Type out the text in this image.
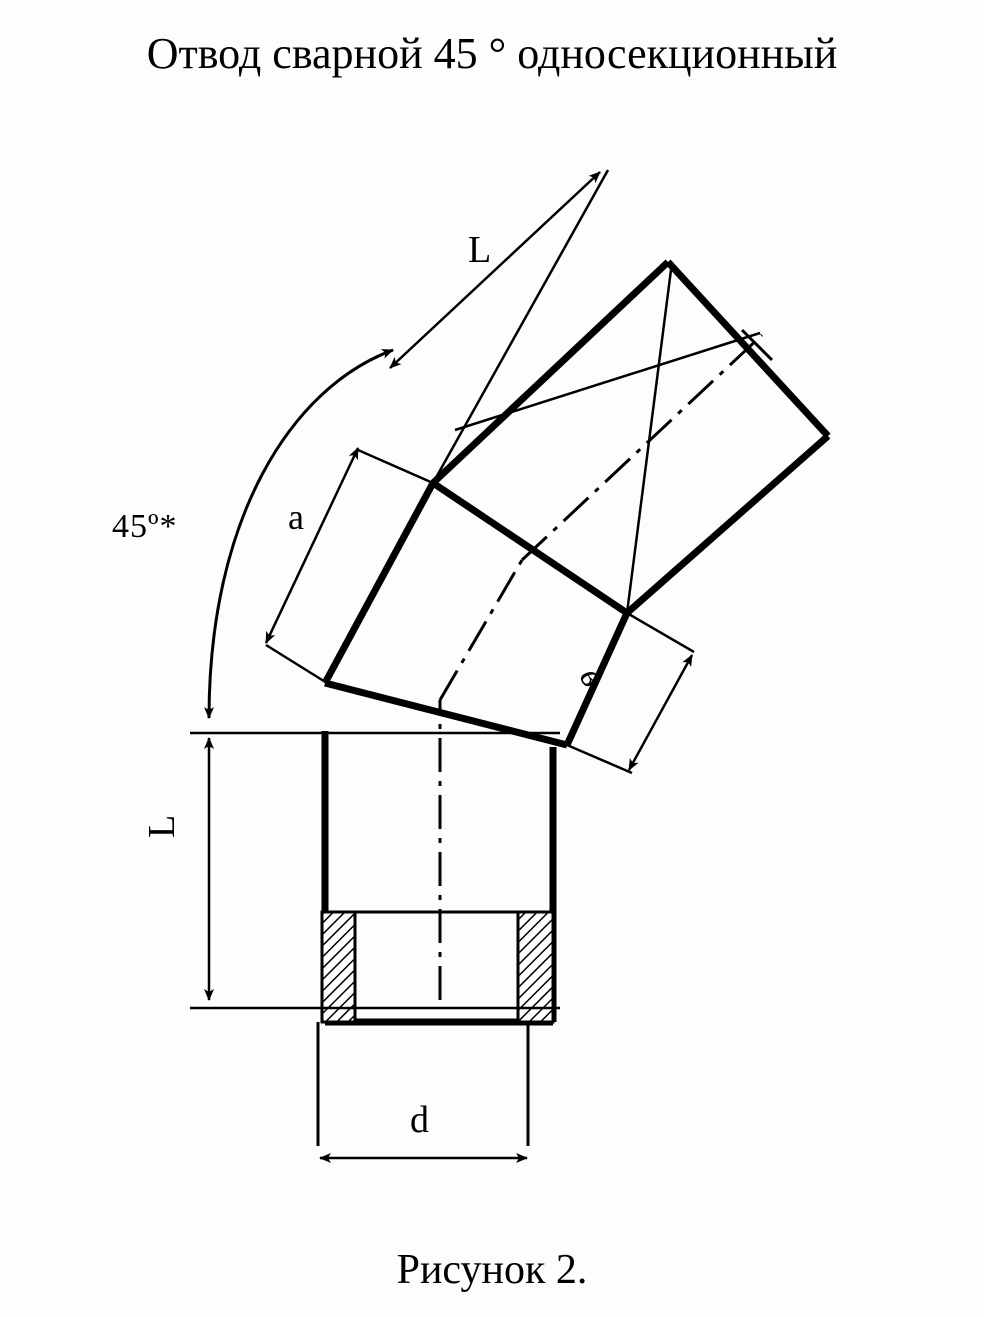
Отвод сварной 45 ° односекционный
45º*
L
a
в
L
d
Рисунок 2.
